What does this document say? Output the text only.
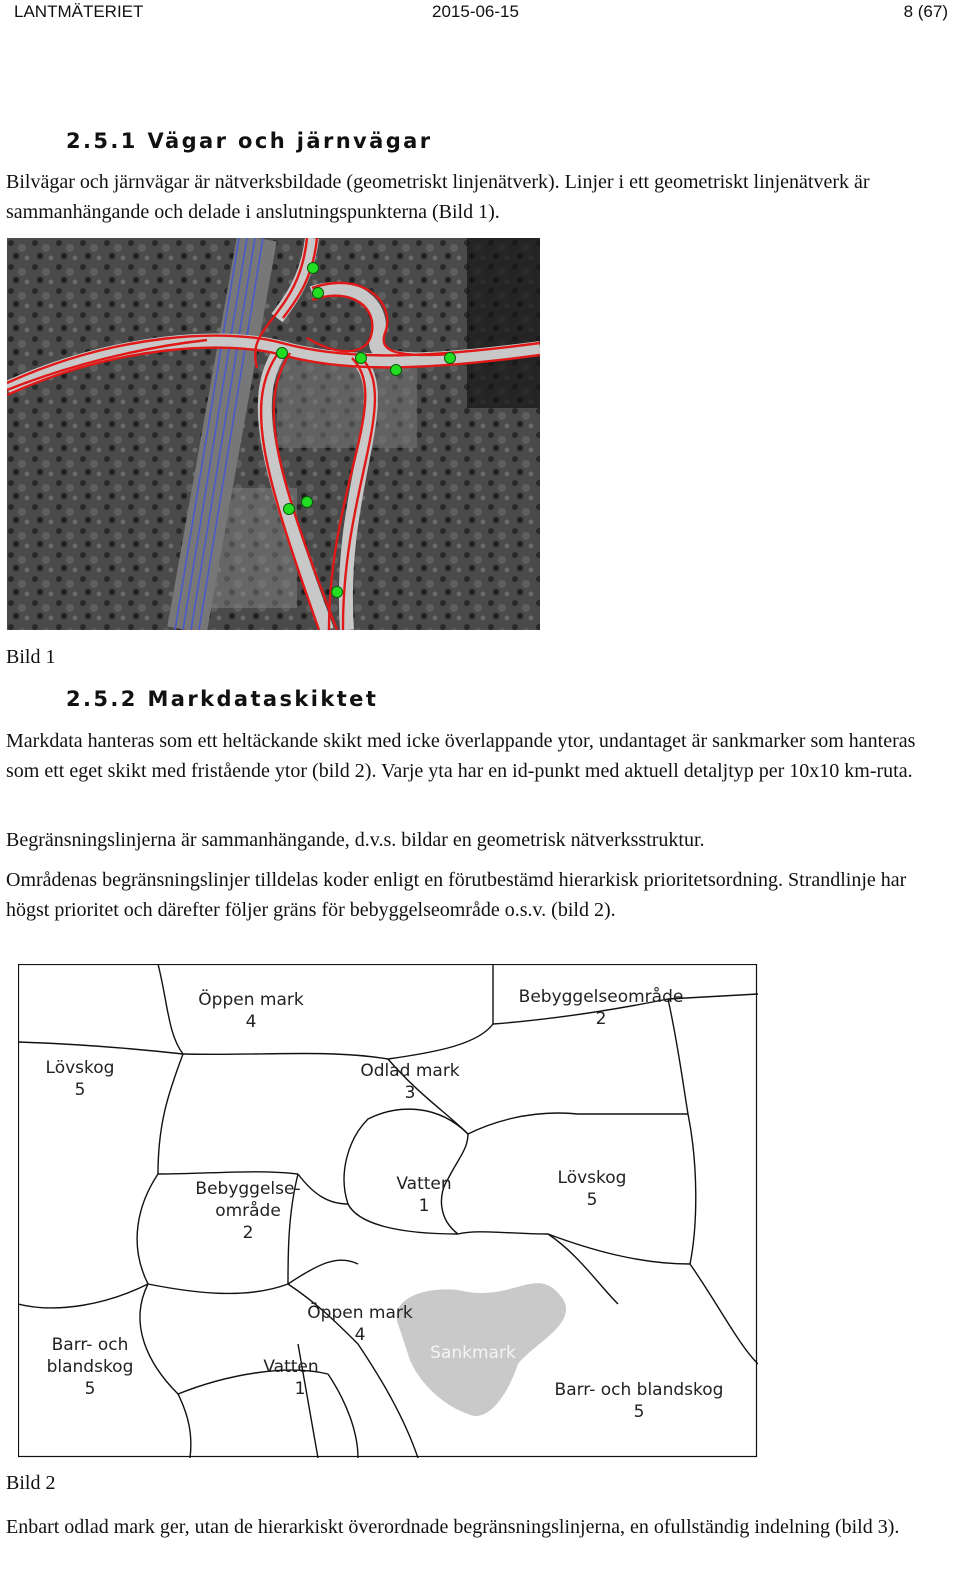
LANTMÄTERIET	2015-06-15	8 (67)
2.5.1 Vägar och järnvägar

Bilvägar och järnvägar är nätverksbildade (geometriskt linjenätverk). Linjer i ett geometriskt linjenätverk är sammanhängande och delade i anslutningspunkterna (Bild 1).

Bild 1
2.5.2 Markdataskiktet

Markdata hanteras som ett heltäckande skikt med icke överlappande ytor, undantaget är sankmarker som hanteras som ett eget skikt med fristående ytor (bild 2). Varje yta har en id-punkt med aktuell detaljtyp per 10x10 km-ruta.

Begränsningslinjerna är sammanhängande, d.v.s. bildar en geometrisk nätverksstruktur.

Områdenas begränsningslinjer tilldelas koder enligt en förutbestämd hierarkisk prioritetsordning. Strandlinje har högst prioritet och därefter följer gräns för bebyggelseområde o.s.v. (bild 2).

Öppen mark
4
Bebyggelseområde
2
Lövskog
5
Odlad mark
3
Bebyggelse-
område
2
Vatten
1
Lövskog
5
Öppen mark
4
Sankmark
Barr- och
blandskog
5
Vatten
1	Barr- och blandskog
5
Bild 2

Enbart odlad mark ger, utan de hierarkiskt överordnade begränsningslinjerna, en ofullständig indelning (bild 3).
